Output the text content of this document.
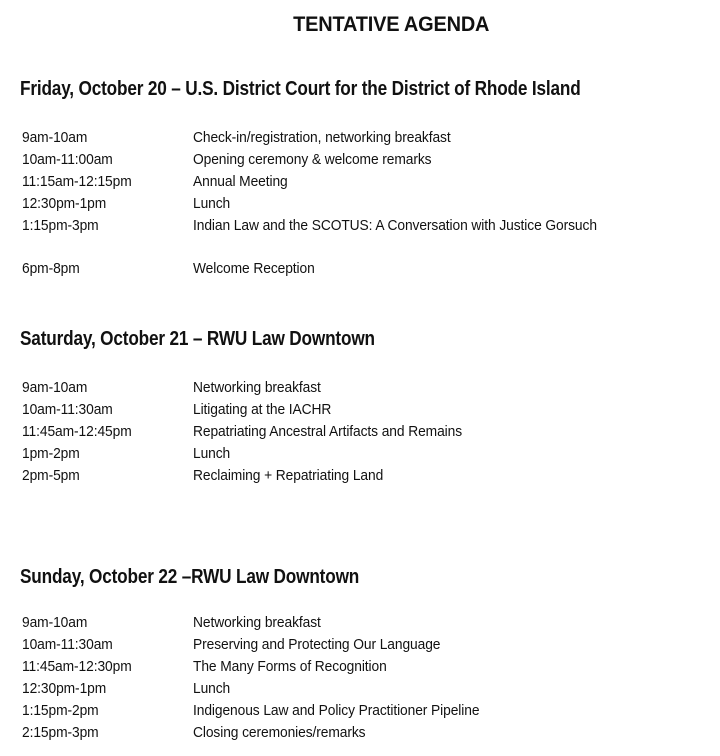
TENTATIVE AGENDA
Friday, October 20 – U.S. District Court for the District of Rhode Island
9am-10am	Check-in/registration, networking breakfast
10am-11:00am	Opening ceremony & welcome remarks
11:15am-12:15pm	Annual Meeting
12:30pm-1pm	Lunch
1:15pm-3pm	Indian Law and the SCOTUS: A Conversation with Justice Gorsuch
6pm-8pm	Welcome Reception
Saturday, October 21 – RWU Law Downtown
9am-10am	Networking breakfast
10am-11:30am	Litigating at the IACHR
11:45am-12:45pm	Repatriating Ancestral Artifacts and Remains
1pm-2pm	Lunch
2pm-5pm	Reclaiming + Repatriating Land
Sunday, October 22 –RWU Law Downtown
9am-10am	Networking breakfast
10am-11:30am	Preserving and Protecting Our Language
11:45am-12:30pm	The Many Forms of Recognition
12:30pm-1pm	Lunch
1:15pm-2pm	Indigenous Law and Policy Practitioner Pipeline
2:15pm-3pm	Closing ceremonies/remarks
